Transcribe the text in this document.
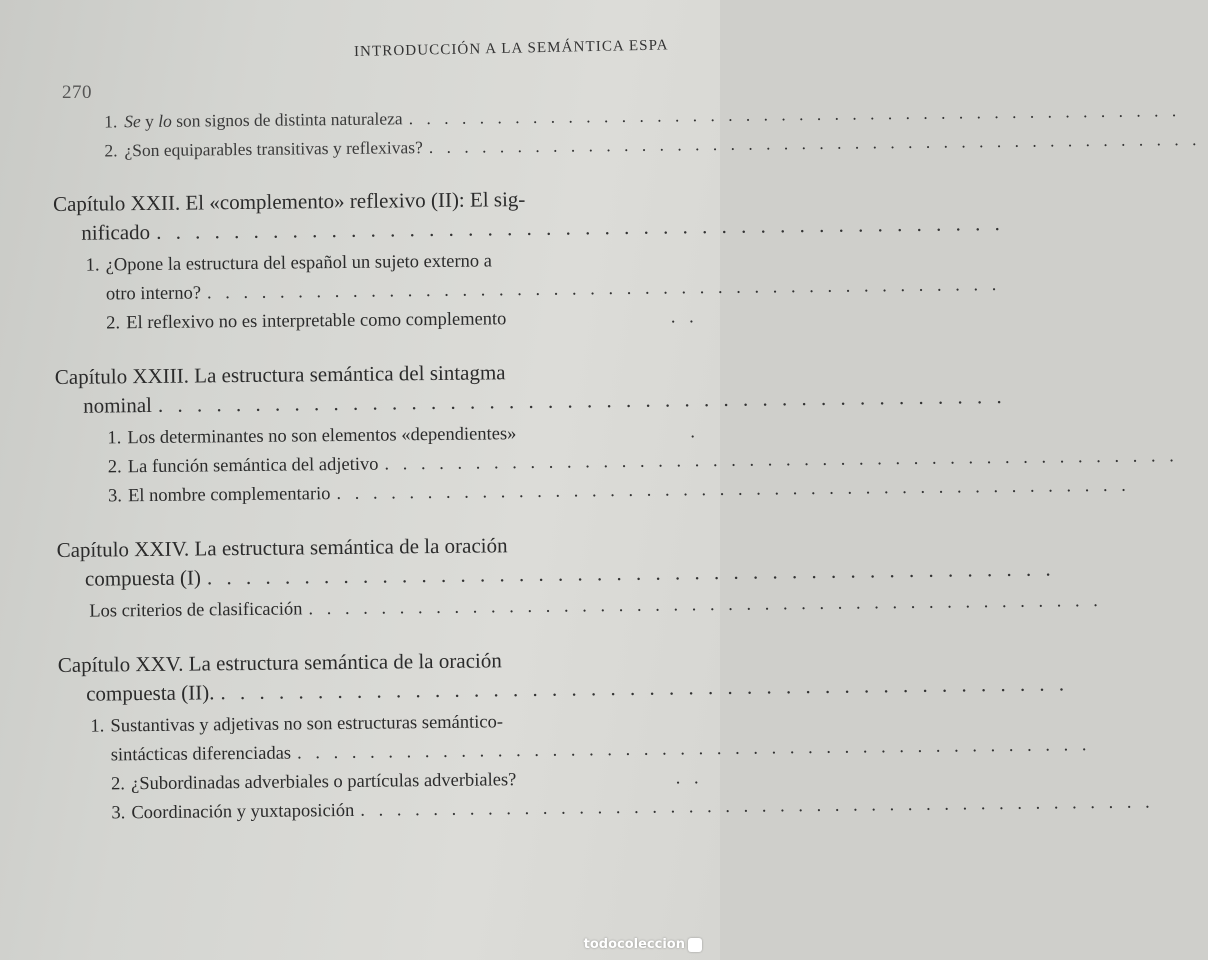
INTRODUCCIÓN A LA SEMÁNTICA ESPA
270
1. Se y lo son signos de distinta naturaleza . . . . . . . . . . . . . . . . . . . . . . . . . . . . . . . . . . . . . . . . . . . .
2. ¿Son equiparables transitivas y reflexivas? . . . . . . . . . . . . . . . . . . . . . . . . . . . . . . . . . . . . . . . . . . . .
Capítulo XXII. El «complemento» reflexivo (II): El sig-
nificado . . . . . . . . . . . . . . . . . . . . . . . . . . . . . . . . . . . . . . . . . . . .
1. ¿Opone la estructura del español un sujeto externo a
otro interno? . . . . . . . . . . . . . . . . . . . . . . . . . . . . . . . . . . . . . . . . . . . .
2. El reflexivo no es interpretable como complemento	. .
Capítulo XXIII. La estructura semántica del sintagma
nominal . . . . . . . . . . . . . . . . . . . . . . . . . . . . . . . . . . . . . . . . . . . .
1. Los determinantes no son elementos «dependientes»	.
2. La función semántica del adjetivo . . . . . . . . . . . . . . . . . . . . . . . . . . . . . . . . . . . . . . . . . . . .
3. El nombre complementario . . . . . . . . . . . . . . . . . . . . . . . . . . . . . . . . . . . . . . . . . . . .
Capítulo XXIV. La estructura semántica de la oración
compuesta (I) . . . . . . . . . . . . . . . . . . . . . . . . . . . . . . . . . . . . . . . . . . . .
Los criterios de clasificación . . . . . . . . . . . . . . . . . . . . . . . . . . . . . . . . . . . . . . . . . . . .
Capítulo XXV. La estructura semántica de la oración
compuesta (II). . . . . . . . . . . . . . . . . . . . . . . . . . . . . . . . . . . . . . . . . . . . .
1. Sustantivas y adjetivas no son estructuras semántico-
sintácticas diferenciadas . . . . . . . . . . . . . . . . . . . . . . . . . . . . . . . . . . . . . . . . . . . .
2. ¿Subordinadas adverbiales o partículas adverbiales?	. .
3. Coordinación y yuxtaposición . . . . . . . . . . . . . . . . . . . . . . . . . . . . . . . . . . . . . . . . . . . .
todocoleccion
